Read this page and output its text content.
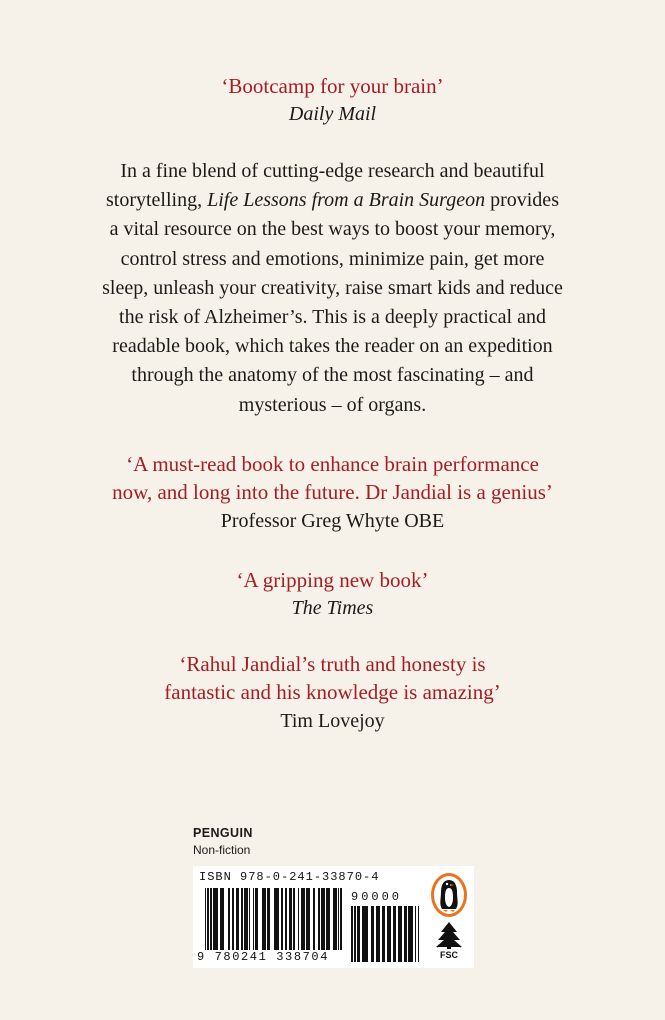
‘Bootcamp for your brain’

Daily Mail

In a fine blend of cutting-edge research and beautiful
storytelling, Life Lessons from a Brain Surgeon provides
a vital resource on the best ways to boost your memory,
control stress and emotions, minimize pain, get more
sleep, unleash your creativity, raise smart kids and reduce
the risk of Alzheimer’s. This is a deeply practical and
readable book, which takes the reader on an expedition
through the anatomy of the most fascinating – and
mysterious – of organs.

‘A must-read book to enhance brain performance

now, and long into the future. Dr Jandial is a genius’

Professor Greg Whyte OBE

‘A gripping new book’

The Times

‘Rahul Jandial’s truth and honesty is

fantastic and his knowledge is amazing’

Tim Lovejoy

PENGUIN
Non-fiction
ISBN 978-0-241-33870-4
9 780241 338704
90000
FSC
